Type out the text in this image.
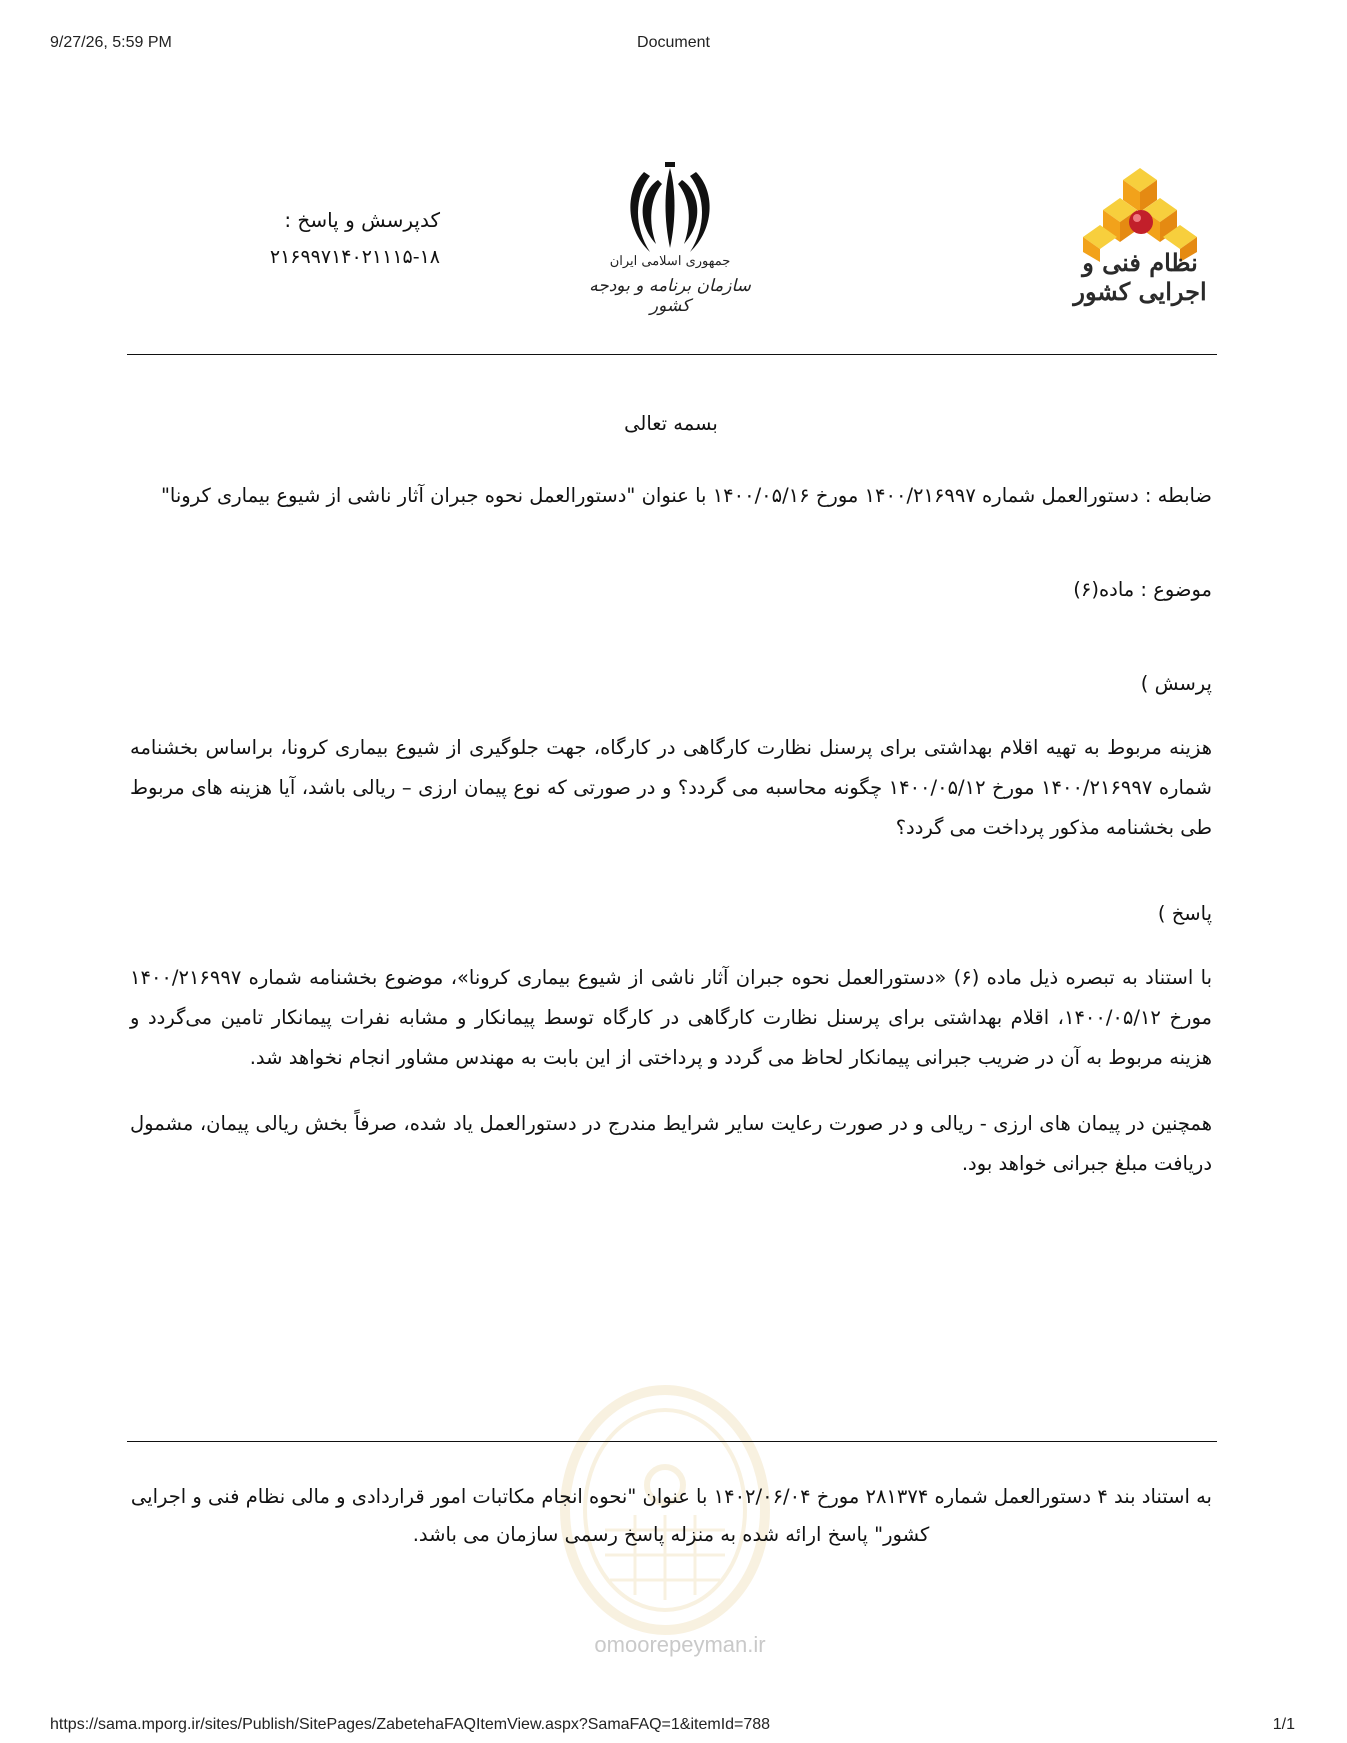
9/27/26, 5:59 PM	Document
نظام فنی و اجرایی کشور
جمهوری اسلامی ایران
سازمان برنامه و بودجه کشور
کدپرسش و پاسخ :
۲۱۶۹۹۷۱۴۰۲۱۱۱۵-۱۸
بسمه تعالی
ضابطه : دستورالعمل شماره ۱۴۰۰/۲۱۶۹۹۷ مورخ ۱۴۰۰/۰۵/۱۶ با عنوان "دستورالعمل نحوه جبران آثار ناشی از شیوع بیماری کرونا"
موضوع : ماده(۶)
پرسش )
هزینه مربوط به تهیه اقلام بهداشتی برای پرسنل نظارت کارگاهی در کارگاه، جهت جلوگیری از شیوع بیماری کرونا، براساس بخشنامه شماره ۱۴۰۰/۲۱۶۹۹۷ مورخ ۱۴۰۰/۰۵/۱۲ چگونه محاسبه می گردد؟ و در صورتی که نوع پیمان ارزی – ریالی باشد، آیا هزینه های مربوط طی بخشنامه مذکور پرداخت می گردد؟
پاسخ )
با استناد به تبصره ذیل ماده (۶) «دستورالعمل نحوه جبران آثار ناشی از شیوع بیماری کرونا»، موضوع بخشنامه شماره ۱۴۰۰/۲۱۶۹۹۷ مورخ ۱۴۰۰/۰۵/۱۲، اقلام بهداشتی برای پرسنل نظارت کارگاهی در کارگاه توسط پیمانکار و مشابه نفرات پیمانکار تامین می‌گردد و هزینه مربوط به آن در ضریب جبرانی پیمانکار لحاظ می گردد و پرداختی از این بابت به مهندس مشاور انجام نخواهد شد.
همچنین در پیمان های ارزی - ریالی و در صورت رعایت سایر شرایط مندرج در دستورالعمل یاد شده، صرفاً بخش ریالی پیمان، مشمول دریافت مبلغ جبرانی خواهد بود.
omoorepeyman.ir
به استناد بند ۴ دستورالعمل شماره ۲۸۱۳۷۴ مورخ ۱۴۰۲/۰۶/۰۴ با عنوان "نحوه انجام مکاتبات امور قراردادی و مالی نظام فنی و اجرایی
کشور" پاسخ ارائه شده به منزله پاسخ رسمی سازمان می باشد.
https://sama.mporg.ir/sites/Publish/SitePages/ZabetehaFAQItemView.aspx?SamaFAQ=1&itemId=788	1/1
